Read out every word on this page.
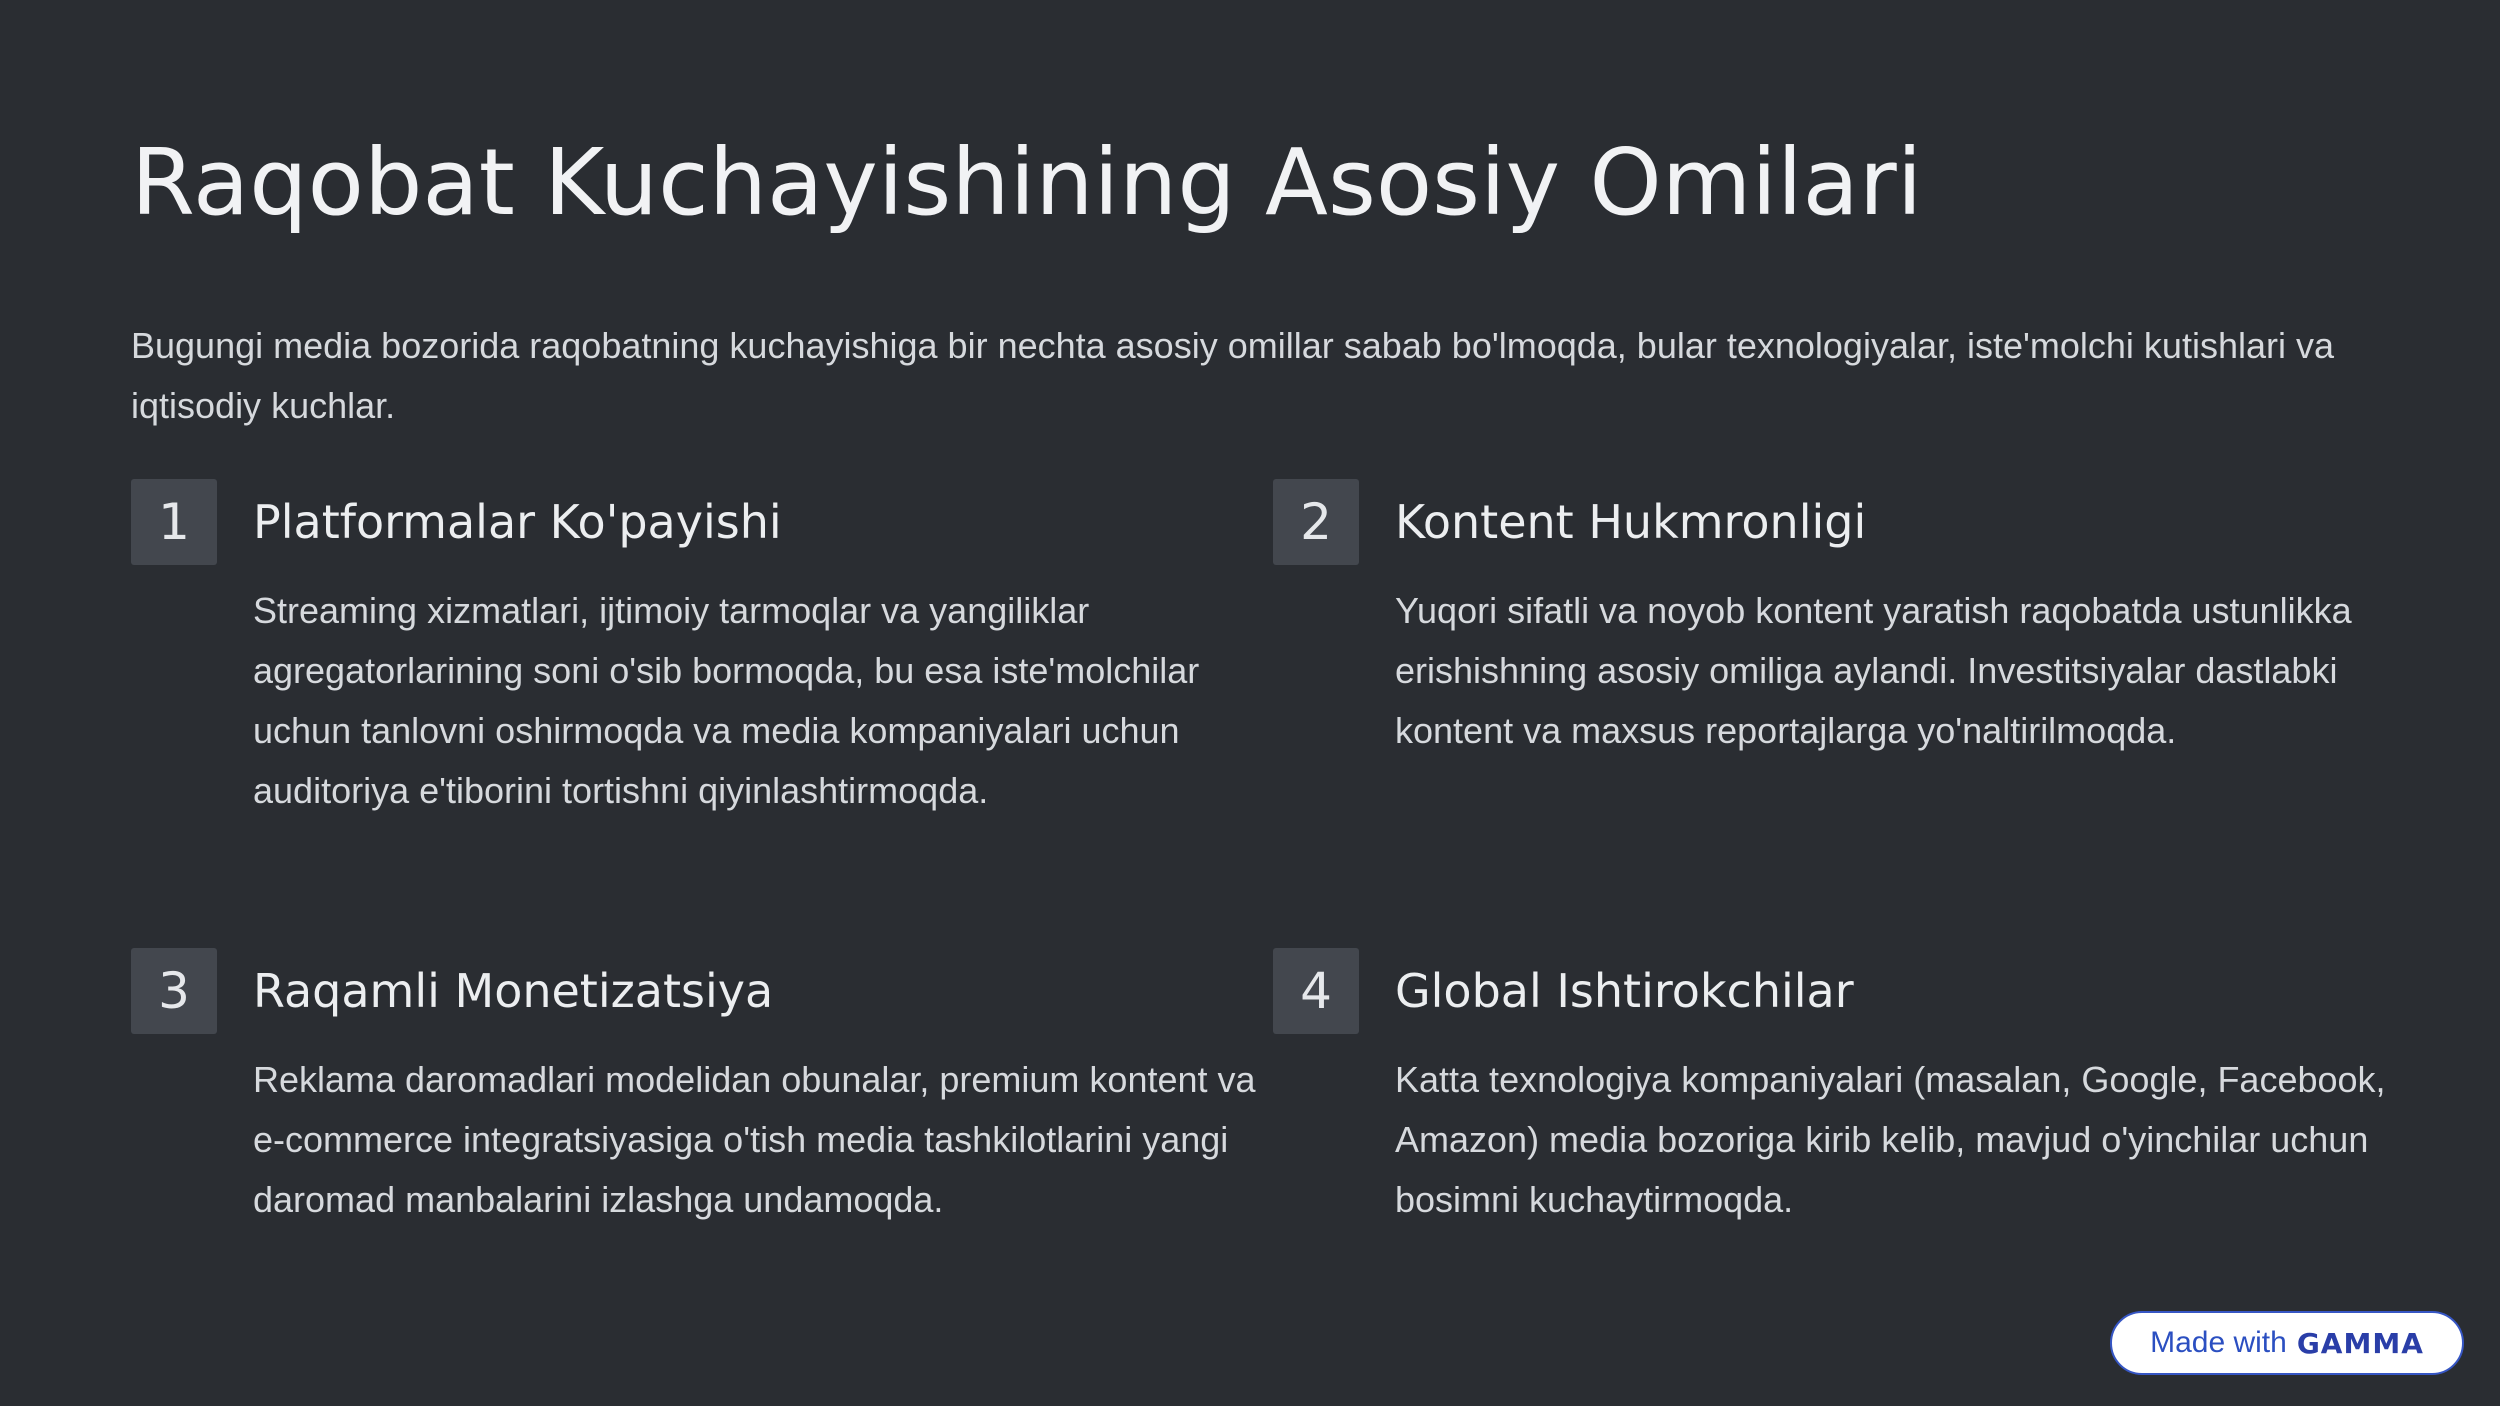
Raqobat Kuchayishining Asosiy Omilari

Bugungi media bozorida raqobatning kuchayishiga bir nechta asosiy omillar sabab bo'lmoqda, bular texnologiyalar, iste'molchi kutishlari va iqtisodiy kuchlar.

1	Platformalar Ko'payishi

Streaming xizmatlari, ijtimoiy tarmoqlar va yangiliklar agregatorlarining soni o'sib bormoqda, bu esa iste'molchilar uchun tanlovni oshirmoqda va media kompaniyalari uchun auditoriya e'tiborini tortishni qiyinlashtirmoqda.

2	Kontent Hukmronligi

Yuqori sifatli va noyob kontent yaratish raqobatda ustunlikka erishishning asosiy omiliga aylandi. Investitsiyalar dastlabki kontent va maxsus reportajlarga yo'naltirilmoqda.

3	Raqamli Monetizatsiya

Reklama daromadlari modelidan obunalar, premium kontent va e-commerce integratsiyasiga o'tish media tashkilotlarini yangi daromad manbalarini izlashga undamoqda.

4	Global Ishtirokchilar

Katta texnologiya kompaniyalari (masalan, Google, Facebook, Amazon) media bozoriga kirib kelib, mavjud o'yinchilar uchun bosimni kuchaytirmoqda.

Made with GAMMA
